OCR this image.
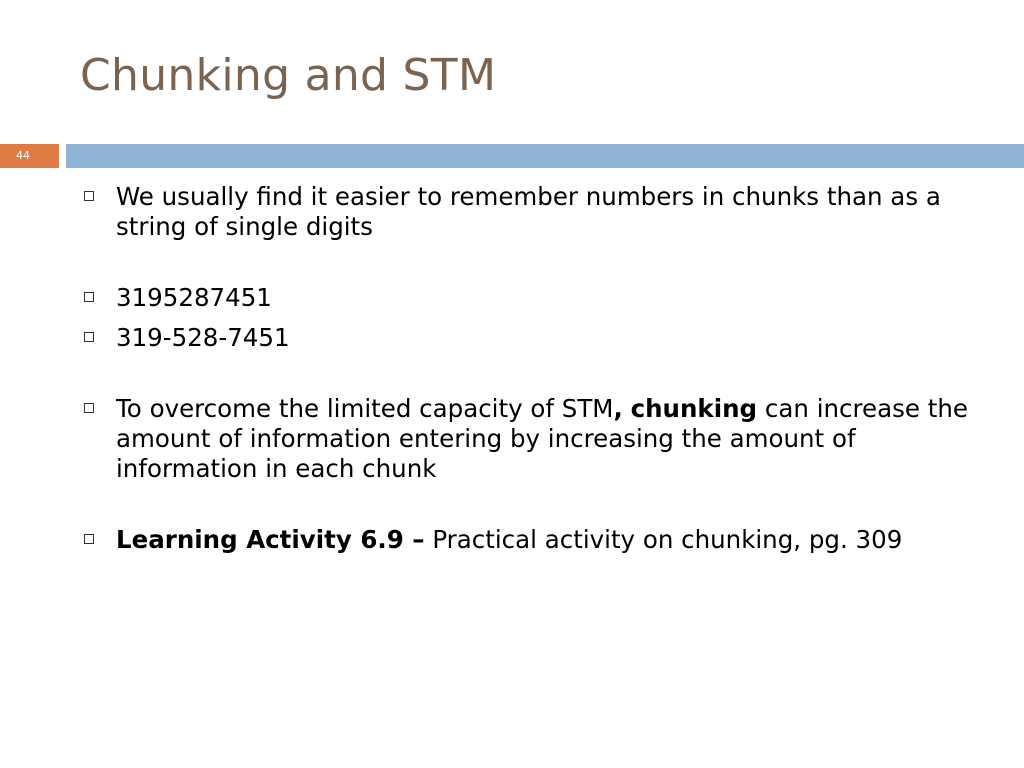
Chunking and STM
44
We usually find it easier to remember numbers in chunks than as a string of single digits
3195287451
319-528-7451
To overcome the limited capacity of STM, chunking can increase the amount of information entering by increasing the amount of information in each chunk
Learning Activity 6.9 – Practical activity on chunking, pg. 309
